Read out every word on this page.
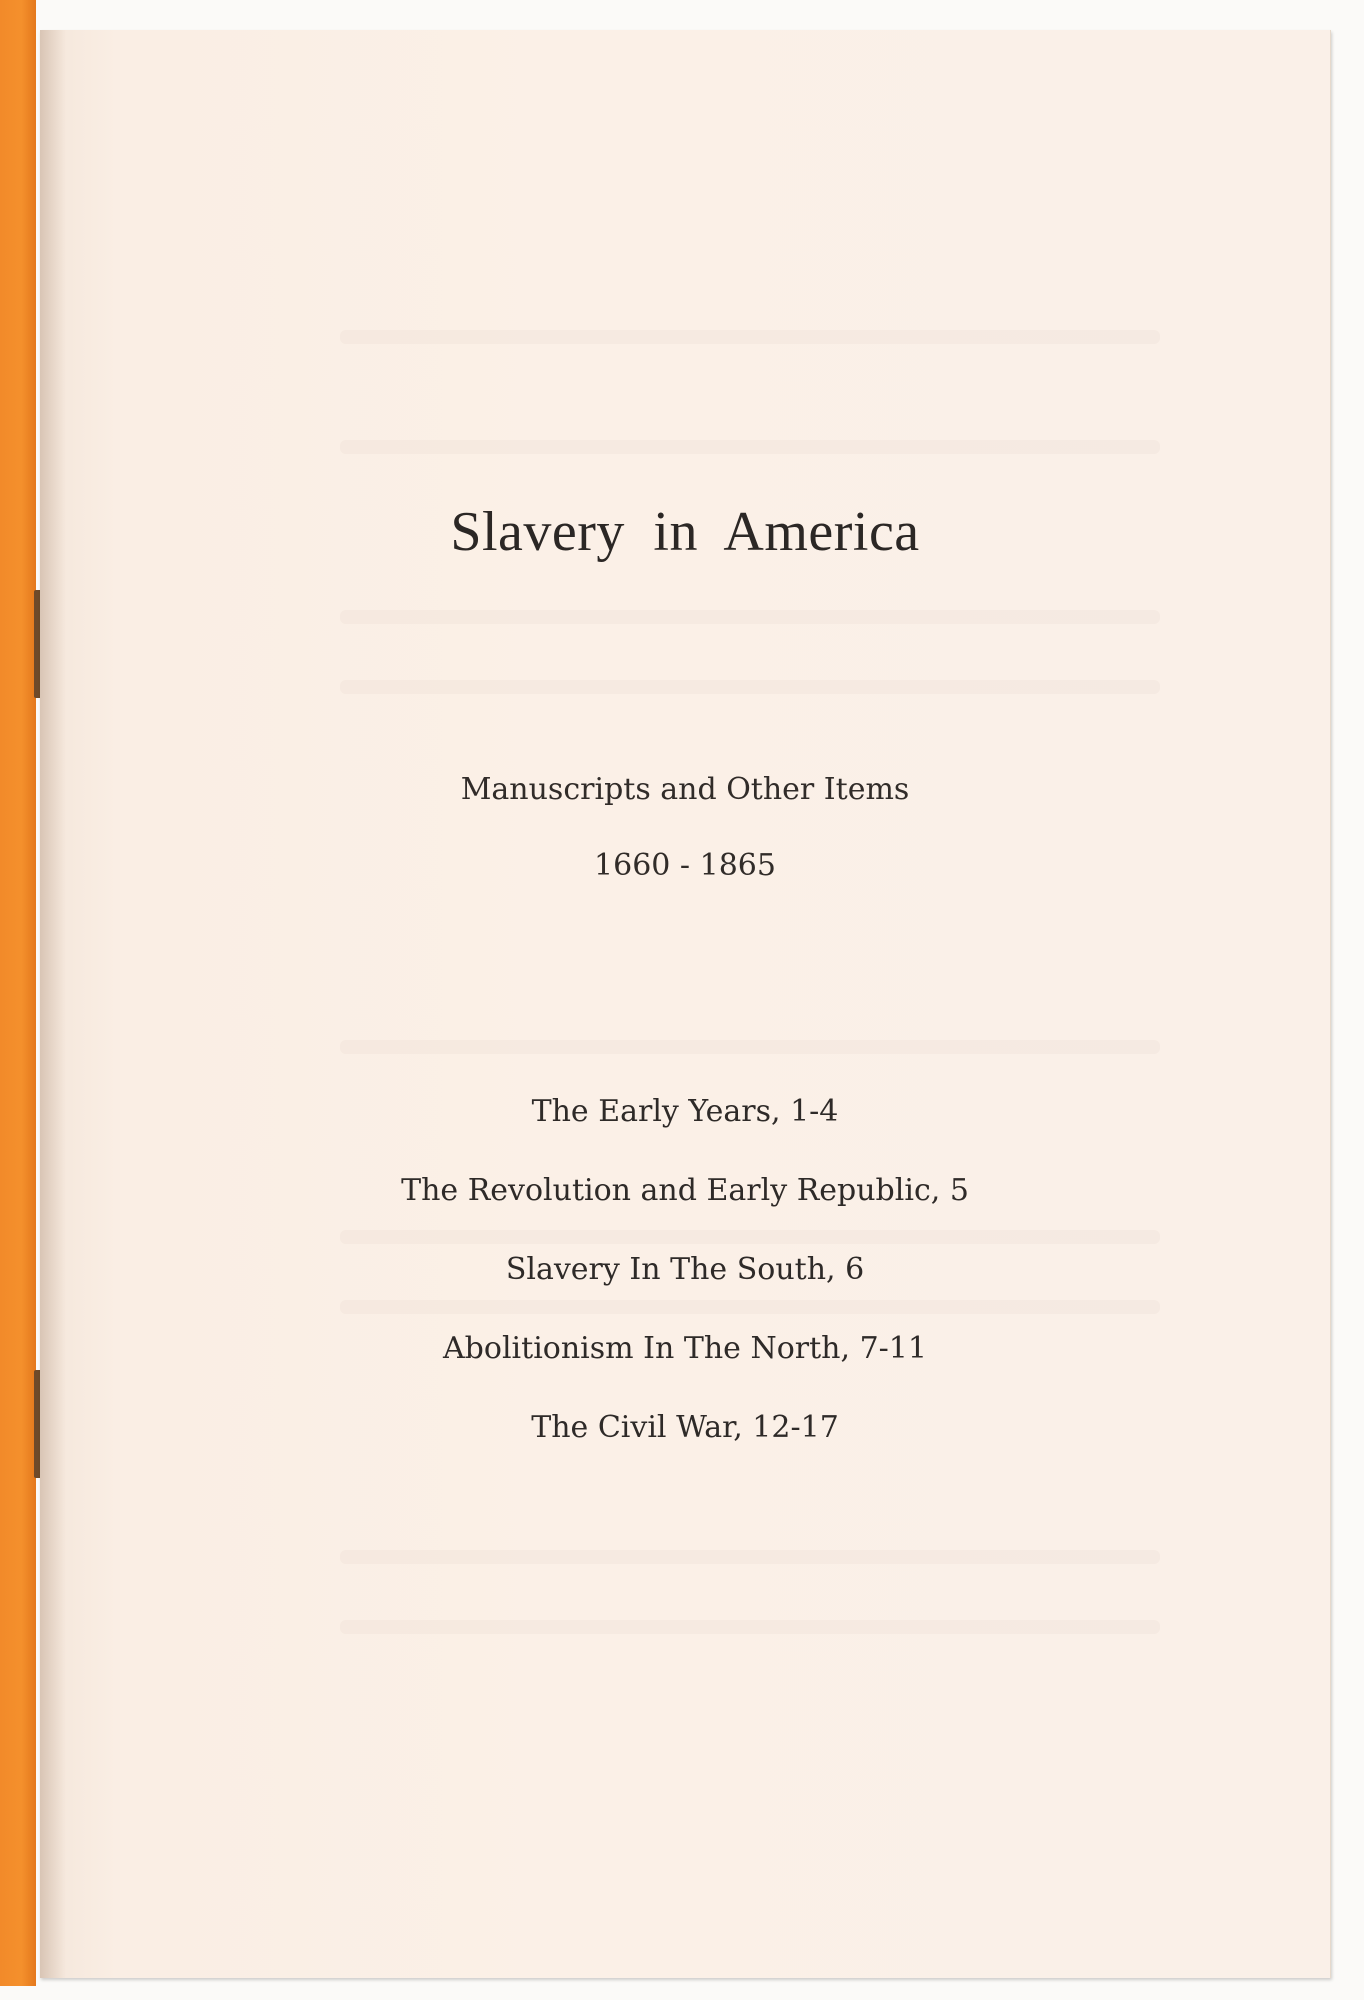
Slavery in America
Manuscripts and Other Items
1660 - 1865
The Early Years, 1-4
The Revolution and Early Republic, 5
Slavery In The South, 6
Abolitionism In The North, 7-11
The Civil War, 12-17
